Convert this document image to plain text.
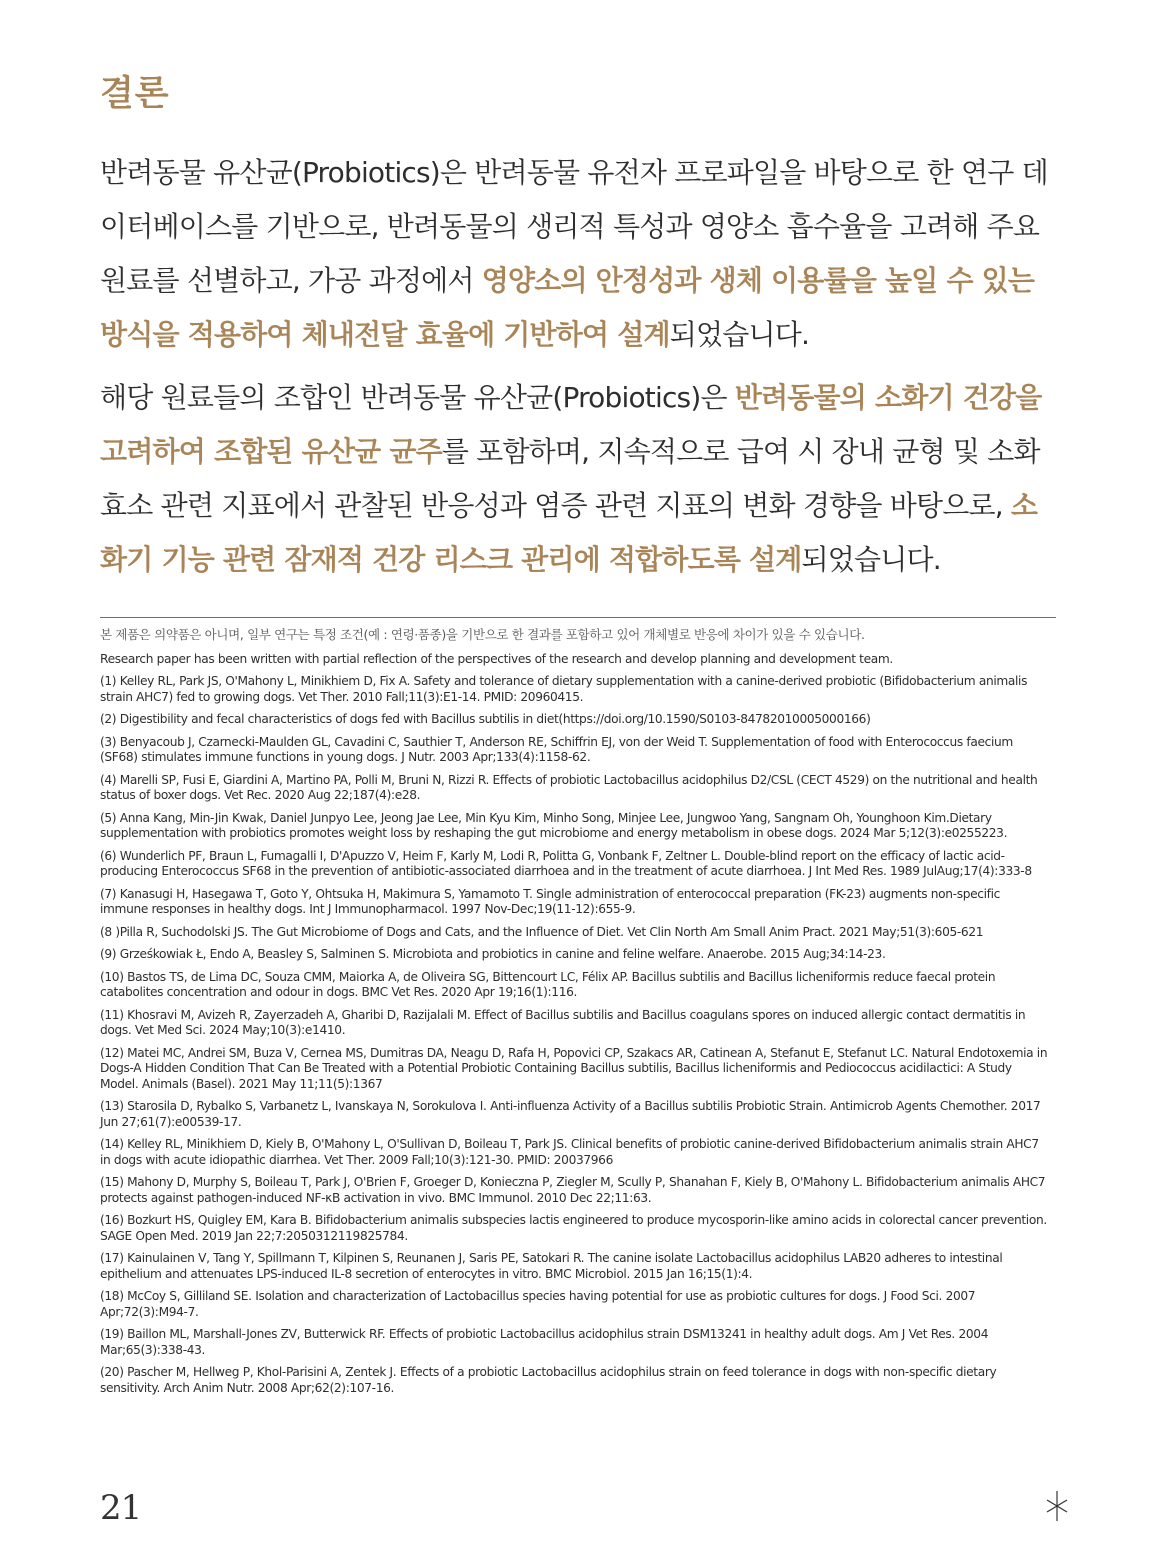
결론

반려동물 유산균(Probiotics)은 반려동물 유전자 프로파일을 바탕으로 한 연구 데이터베이스를 기반으로, 반려동물의 생리적 특성과 영양소 흡수율을 고려해 주요 원료를 선별하고, 가공 과정에서 영양소의 안정성과 생체 이용률을 높일 수 있는 방식을 적용하여 체내전달 효율에 기반하여 설계되었습니다.

해당 원료들의 조합인 반려동물 유산균(Probiotics)은 반려동물의 소화기 건강을 고려하여 조합된 유산균 균주를 포함하며, 지속적으로 급여 시 장내 균형 및 소화 효소 관련 지표에서 관찰된 반응성과 염증 관련 지표의 변화 경향을 바탕으로, 소화기 기능 관련 잠재적 건강 리스크 관리에 적합하도록 설계되었습니다.

본 제품은 의약품은 아니며, 일부 연구는 특정 조건(예 : 연령·품종)을 기반으로 한 결과를 포함하고 있어 개체별로 반응에 차이가 있을 수 있습니다.

Research paper has been written with partial reflection of the perspectives of the research and develop planning and development team.

(1) Kelley RL, Park JS, O'Mahony L, Minikhiem D, Fix A. Safety and tolerance of dietary supplementation with a canine-derived probiotic (Bifidobacterium animalis strain AHC7) fed to growing dogs. Vet Ther. 2010 Fall;11(3):E1-14. PMID: 20960415.

(2) Digestibility and fecal characteristics of dogs fed with Bacillus subtilis in diet(https://doi.org/10.1590/S0103-84782010005000166)

(3) Benyacoub J, Czarnecki-Maulden GL, Cavadini C, Sauthier T, Anderson RE, Schiffrin EJ, von der Weid T. Supplementation of food with Enterococcus faecium (SF68) stimulates immune functions in young dogs. J Nutr. 2003 Apr;133(4):1158-62.

(4) Marelli SP, Fusi E, Giardini A, Martino PA, Polli M, Bruni N, Rizzi R. Effects of probiotic Lactobacillus acidophilus D2/CSL (CECT 4529) on the nutritional and health status of boxer dogs. Vet Rec. 2020 Aug 22;187(4):e28.

(5) Anna Kang, Min-Jin Kwak, Daniel Junpyo Lee, Jeong Jae Lee, Min Kyu Kim, Minho Song, Minjee Lee, Jungwoo Yang, Sangnam Oh, Younghoon Kim.Dietary supplementation with probiotics promotes weight loss by reshaping the gut microbiome and energy metabolism in obese dogs. 2024 Mar 5;12(3):e0255223.

(6) Wunderlich PF, Braun L, Fumagalli I, D'Apuzzo V, Heim F, Karly M, Lodi R, Politta G, Vonbank F, Zeltner L. Double-blind report on the efficacy of lactic acid-producing Enterococcus SF68 in the prevention of antibiotic-associated diarrhoea and in the treatment of acute diarrhoea. J Int Med Res. 1989 JulAug;17(4):333-8

(7) Kanasugi H, Hasegawa T, Goto Y, Ohtsuka H, Makimura S, Yamamoto T. Single administration of enterococcal preparation (FK-23) augments non-specific immune responses in healthy dogs. Int J Immunopharmacol. 1997 Nov-Dec;19(11-12):655-9.

(8 )Pilla R, Suchodolski JS. The Gut Microbiome of Dogs and Cats, and the Influence of Diet. Vet Clin North Am Small Anim Pract. 2021 May;51(3):605-621

(9) Grześkowiak Ł, Endo A, Beasley S, Salminen S. Microbiota and probiotics in canine and feline welfare. Anaerobe. 2015 Aug;34:14-23.

(10) Bastos TS, de Lima DC, Souza CMM, Maiorka A, de Oliveira SG, Bittencourt LC, Félix AP. Bacillus subtilis and Bacillus licheniformis reduce faecal protein catabolites concentration and odour in dogs. BMC Vet Res. 2020 Apr 19;16(1):116.

(11) Khosravi M, Avizeh R, Zayerzadeh A, Gharibi D, Razijalali M. Effect of Bacillus subtilis and Bacillus coagulans spores on induced allergic contact dermatitis in dogs. Vet Med Sci. 2024 May;10(3):e1410.

(12) Matei MC, Andrei SM, Buza V, Cernea MS, Dumitras DA, Neagu D, Rafa H, Popovici CP, Szakacs AR, Catinean A, Stefanut E, Stefanut LC. Natural Endotoxemia in Dogs-A Hidden Condition That Can Be Treated with a Potential Probiotic Containing Bacillus subtilis, Bacillus licheniformis and Pediococcus acidilactici: A Study Model. Animals (Basel). 2021 May 11;11(5):1367

(13) Starosila D, Rybalko S, Varbanetz L, Ivanskaya N, Sorokulova I. Anti-influenza Activity of a Bacillus subtilis Probiotic Strain. Antimicrob Agents Chemother. 2017 Jun 27;61(7):e00539-17.

(14) Kelley RL, Minikhiem D, Kiely B, O'Mahony L, O'Sullivan D, Boileau T, Park JS. Clinical benefits of probiotic canine-derived Bifidobacterium animalis strain AHC7 in dogs with acute idiopathic diarrhea. Vet Ther. 2009 Fall;10(3):121-30. PMID: 20037966

(15) Mahony D, Murphy S, Boileau T, Park J, O'Brien F, Groeger D, Konieczna P, Ziegler M, Scully P, Shanahan F, Kiely B, O'Mahony L. Bifidobacterium animalis AHC7 protects against pathogen-induced NF-κB activation in vivo. BMC Immunol. 2010 Dec 22;11:63.

(16) Bozkurt HS, Quigley EM, Kara B. Bifidobacterium animalis subspecies lactis engineered to produce mycosporin-like amino acids in colorectal cancer prevention. SAGE Open Med. 2019 Jan 22;7:2050312119825784.

(17) Kainulainen V, Tang Y, Spillmann T, Kilpinen S, Reunanen J, Saris PE, Satokari R. The canine isolate Lactobacillus acidophilus LAB20 adheres to intestinal epithelium and attenuates LPS-induced IL-8 secretion of enterocytes in vitro. BMC Microbiol. 2015 Jan 16;15(1):4.

(18) McCoy S, Gilliland SE. Isolation and characterization of Lactobacillus species having potential for use as probiotic cultures for dogs. J Food Sci. 2007 Apr;72(3):M94-7.

(19) Baillon ML, Marshall-Jones ZV, Butterwick RF. Effects of probiotic Lactobacillus acidophilus strain DSM13241 in healthy adult dogs. Am J Vet Res. 2004 Mar;65(3):338-43.

(20) Pascher M, Hellweg P, Khol-Parisini A, Zentek J. Effects of a probiotic Lactobacillus acidophilus strain on feed tolerance in dogs with non-specific dietary sensitivity. Arch Anim Nutr. 2008 Apr;62(2):107-16.

21
